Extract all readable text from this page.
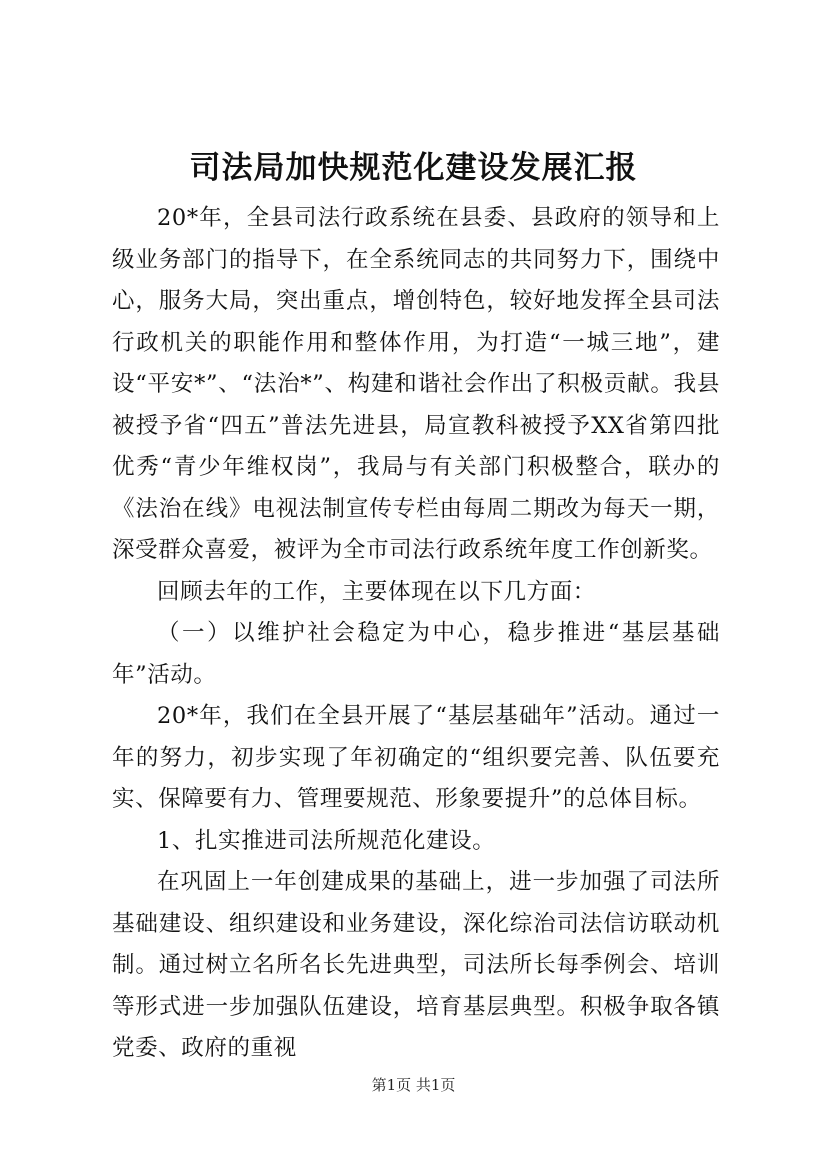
司法局加快规范化建设发展汇报

20*年，全县司法行政系统在县委、县政府的领导和上级业务部门的指导下，在全系统同志的共同努力下，围绕中心，服务大局，突出重点，增创特色，较好地发挥全县司法行政机关的职能作用和整体作用，为打造“一城三地”，建设“平安*”、“法治*”、构建和谐社会作出了积极贡献。我县被授予省“四五”普法先进县，局宣教科被授予XX省第四批优秀“青少年维权岗”，我局与有关部门积极整合，联办的《法治在线》电视法制宣传专栏由每周二期改为每天一期，深受群众喜爱，被评为全市司法行政系统年度工作创新奖。

回顾去年的工作，主要体现在以下几方面：

（一）以维护社会稳定为中心，稳步推进“基层基础年”活动。

20*年，我们在全县开展了“基层基础年”活动。通过一年的努力，初步实现了年初确定的“组织要完善、队伍要充实、保障要有力、管理要规范、形象要提升”的总体目标。

1、扎实推进司法所规范化建设。

在巩固上一年创建成果的基础上，进一步加强了司法所基础建设、组织建设和业务建设，深化综治司法信访联动机制。通过树立名所名长先进典型，司法所长每季例会、培训等形式进一步加强队伍建设，培育基层典型。积极争取各镇党委、政府的重视

第1页 共1页
